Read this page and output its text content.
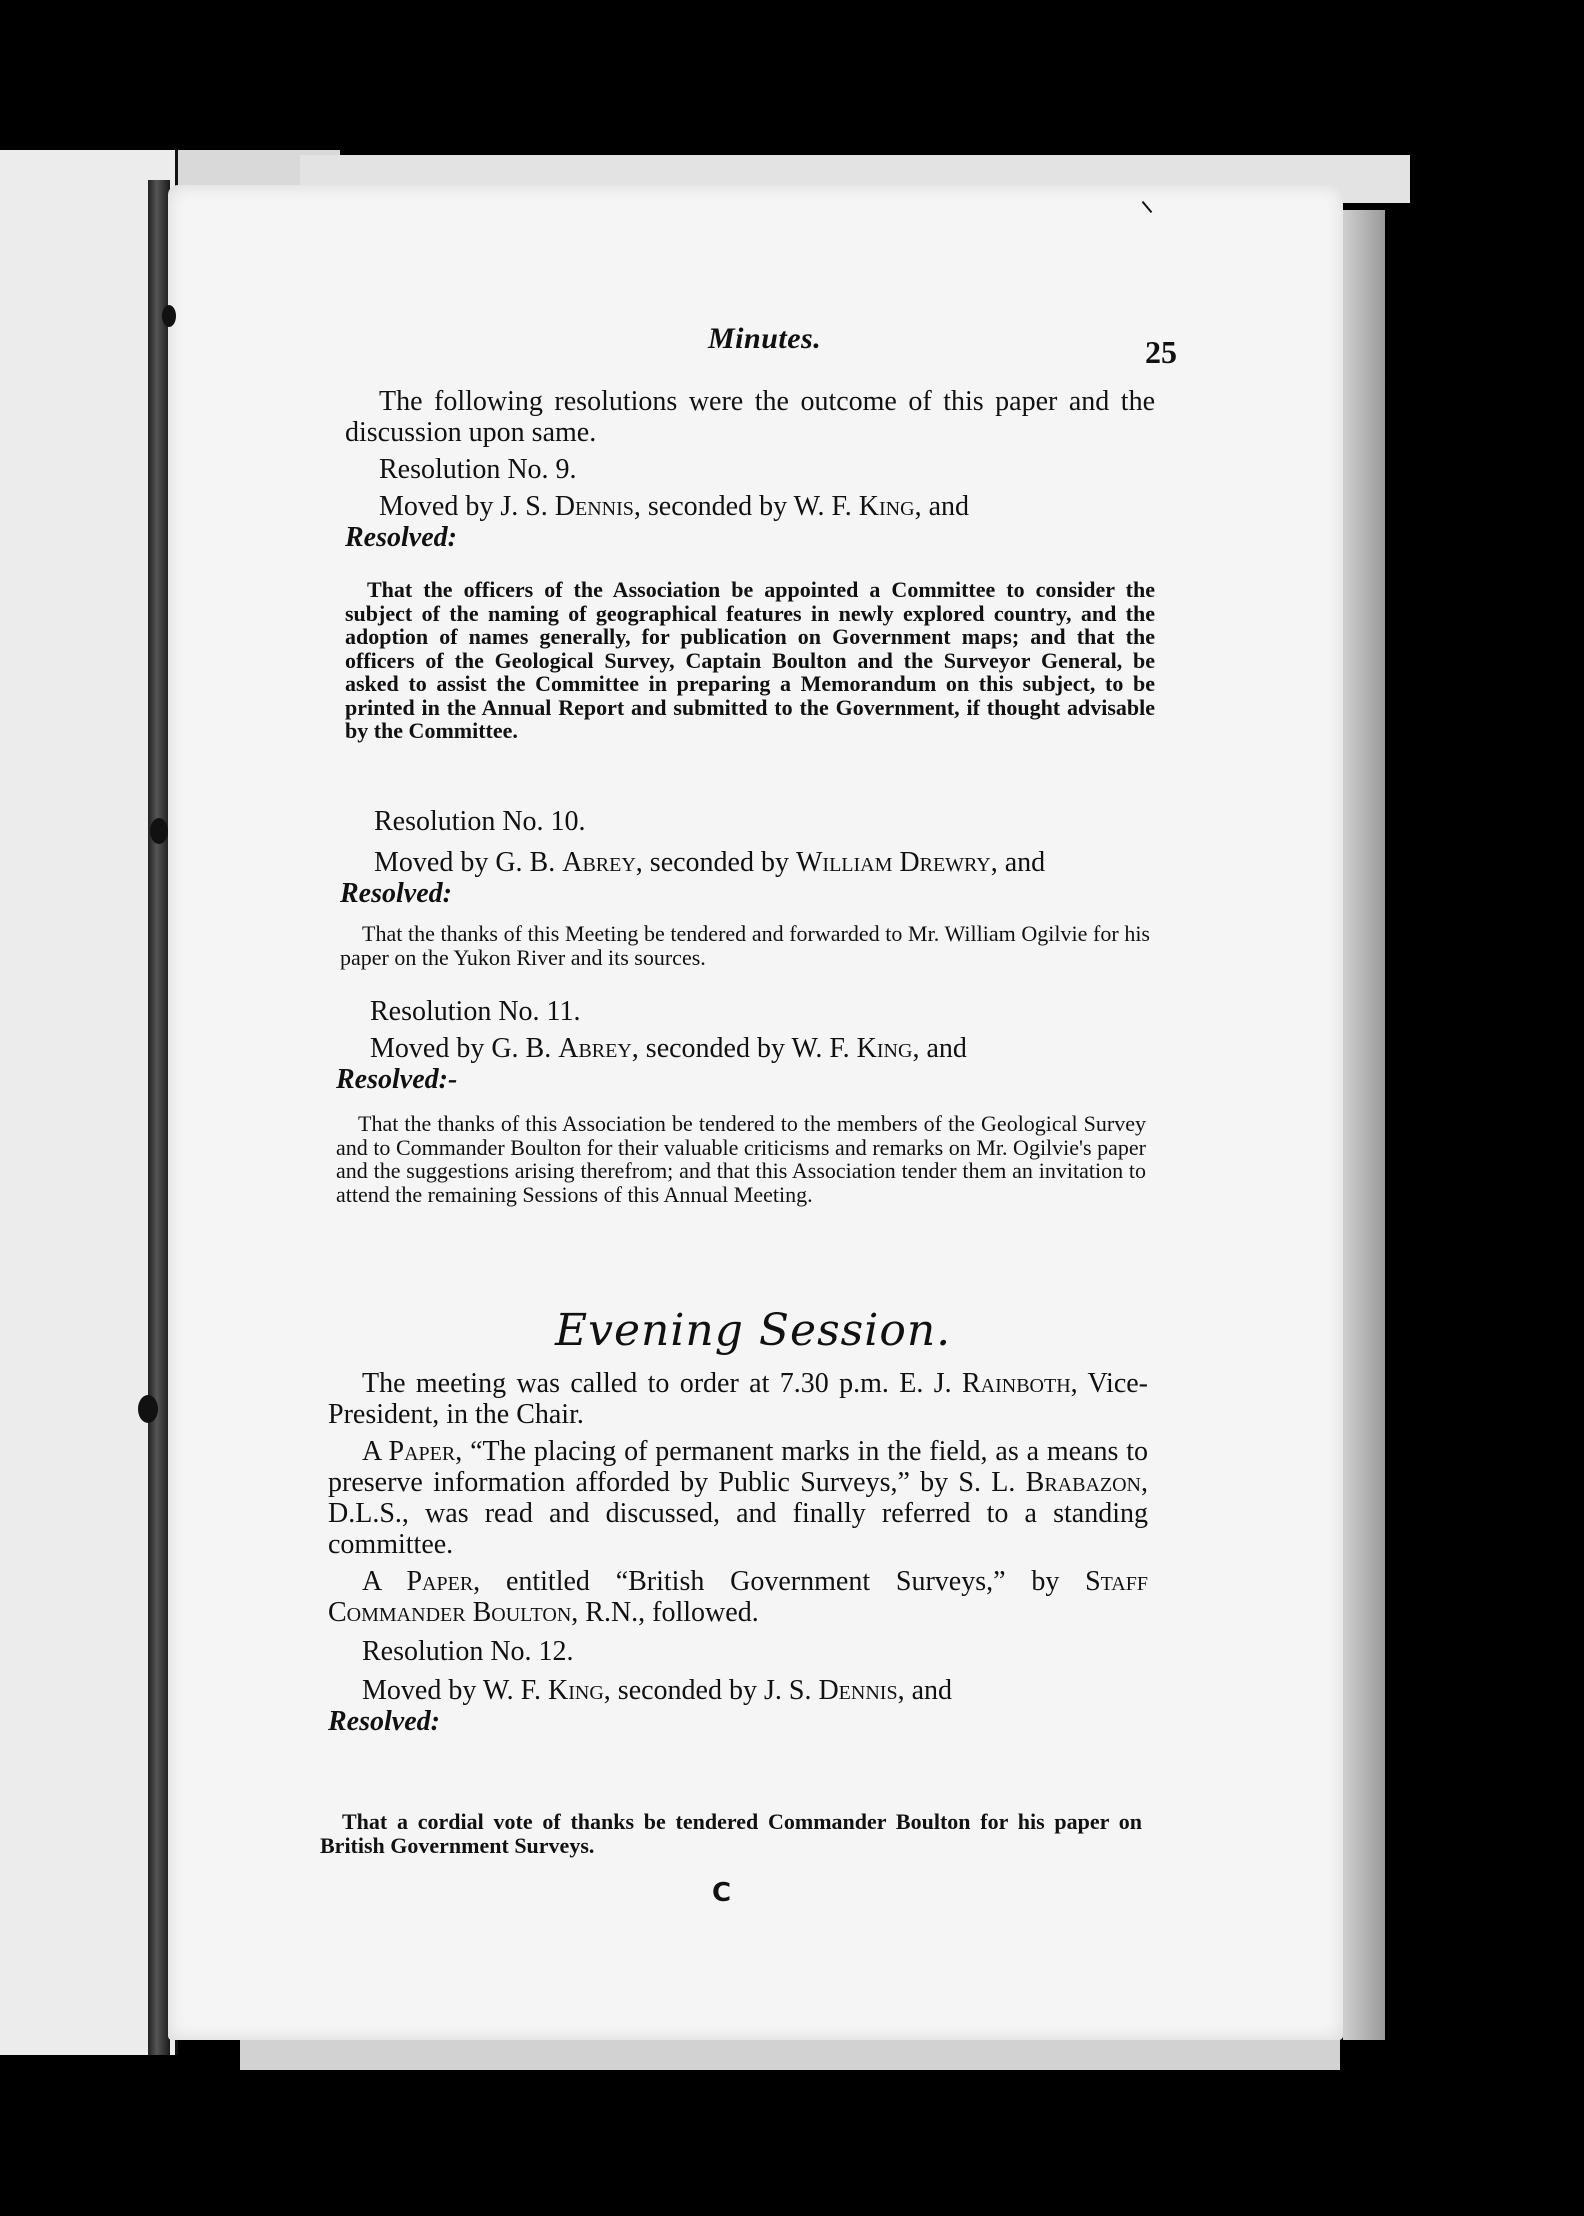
Minutes.	25

The following resolutions were the outcome of this paper and the discussion upon same.

Resolution No. 9.

Moved by J. S. Dennis, seconded by W. F. King, and

Resolved:

That the officers of the Association be appointed a Committee to consider the subject of the naming of geographical features in newly explored country, and the adoption of names generally, for publication on Government maps; and that the officers of the Geological Survey, Captain Boulton and the Surveyor General, be asked to assist the Committee in preparing a Memorandum on this subject, to be printed in the Annual Report and submitted to the Government, if thought advisable by the Committee.

Resolution No. 10.

Moved by G. B. Abrey, seconded by William Drewry, and

Resolved:

That the thanks of this Meeting be tendered and forwarded to Mr. William Ogilvie for his paper on the Yukon River and its sources.

Resolution No. 11.

Moved by G. B. Abrey, seconded by W. F. King, and

Resolved:-

That the thanks of this Association be tendered to the members of the Geological Survey and to Commander Boulton for their valuable criticisms and remarks on Mr. Ogilvie's paper and the suggestions arising therefrom; and that this Association tender them an invitation to attend the remaining Sessions of this Annual Meeting.
Evening Session.

The meeting was called to order at 7.30 p.m. E. J. Rainboth, Vice-President, in the Chair.

A Paper, “The placing of permanent marks in the field, as a means to preserve information afforded by Public Surveys,” by S. L. Brabazon, D.L.S., was read and discussed, and finally referred to a standing committee.

A Paper, entitled “British Government Surveys,” by Staff Commander Boulton, R.N., followed.

Resolution No. 12.

Moved by W. F. King, seconded by J. S. Dennis, and

Resolved:

That a cordial vote of thanks be tendered Commander Boulton for his paper on British Government Surveys.
C
